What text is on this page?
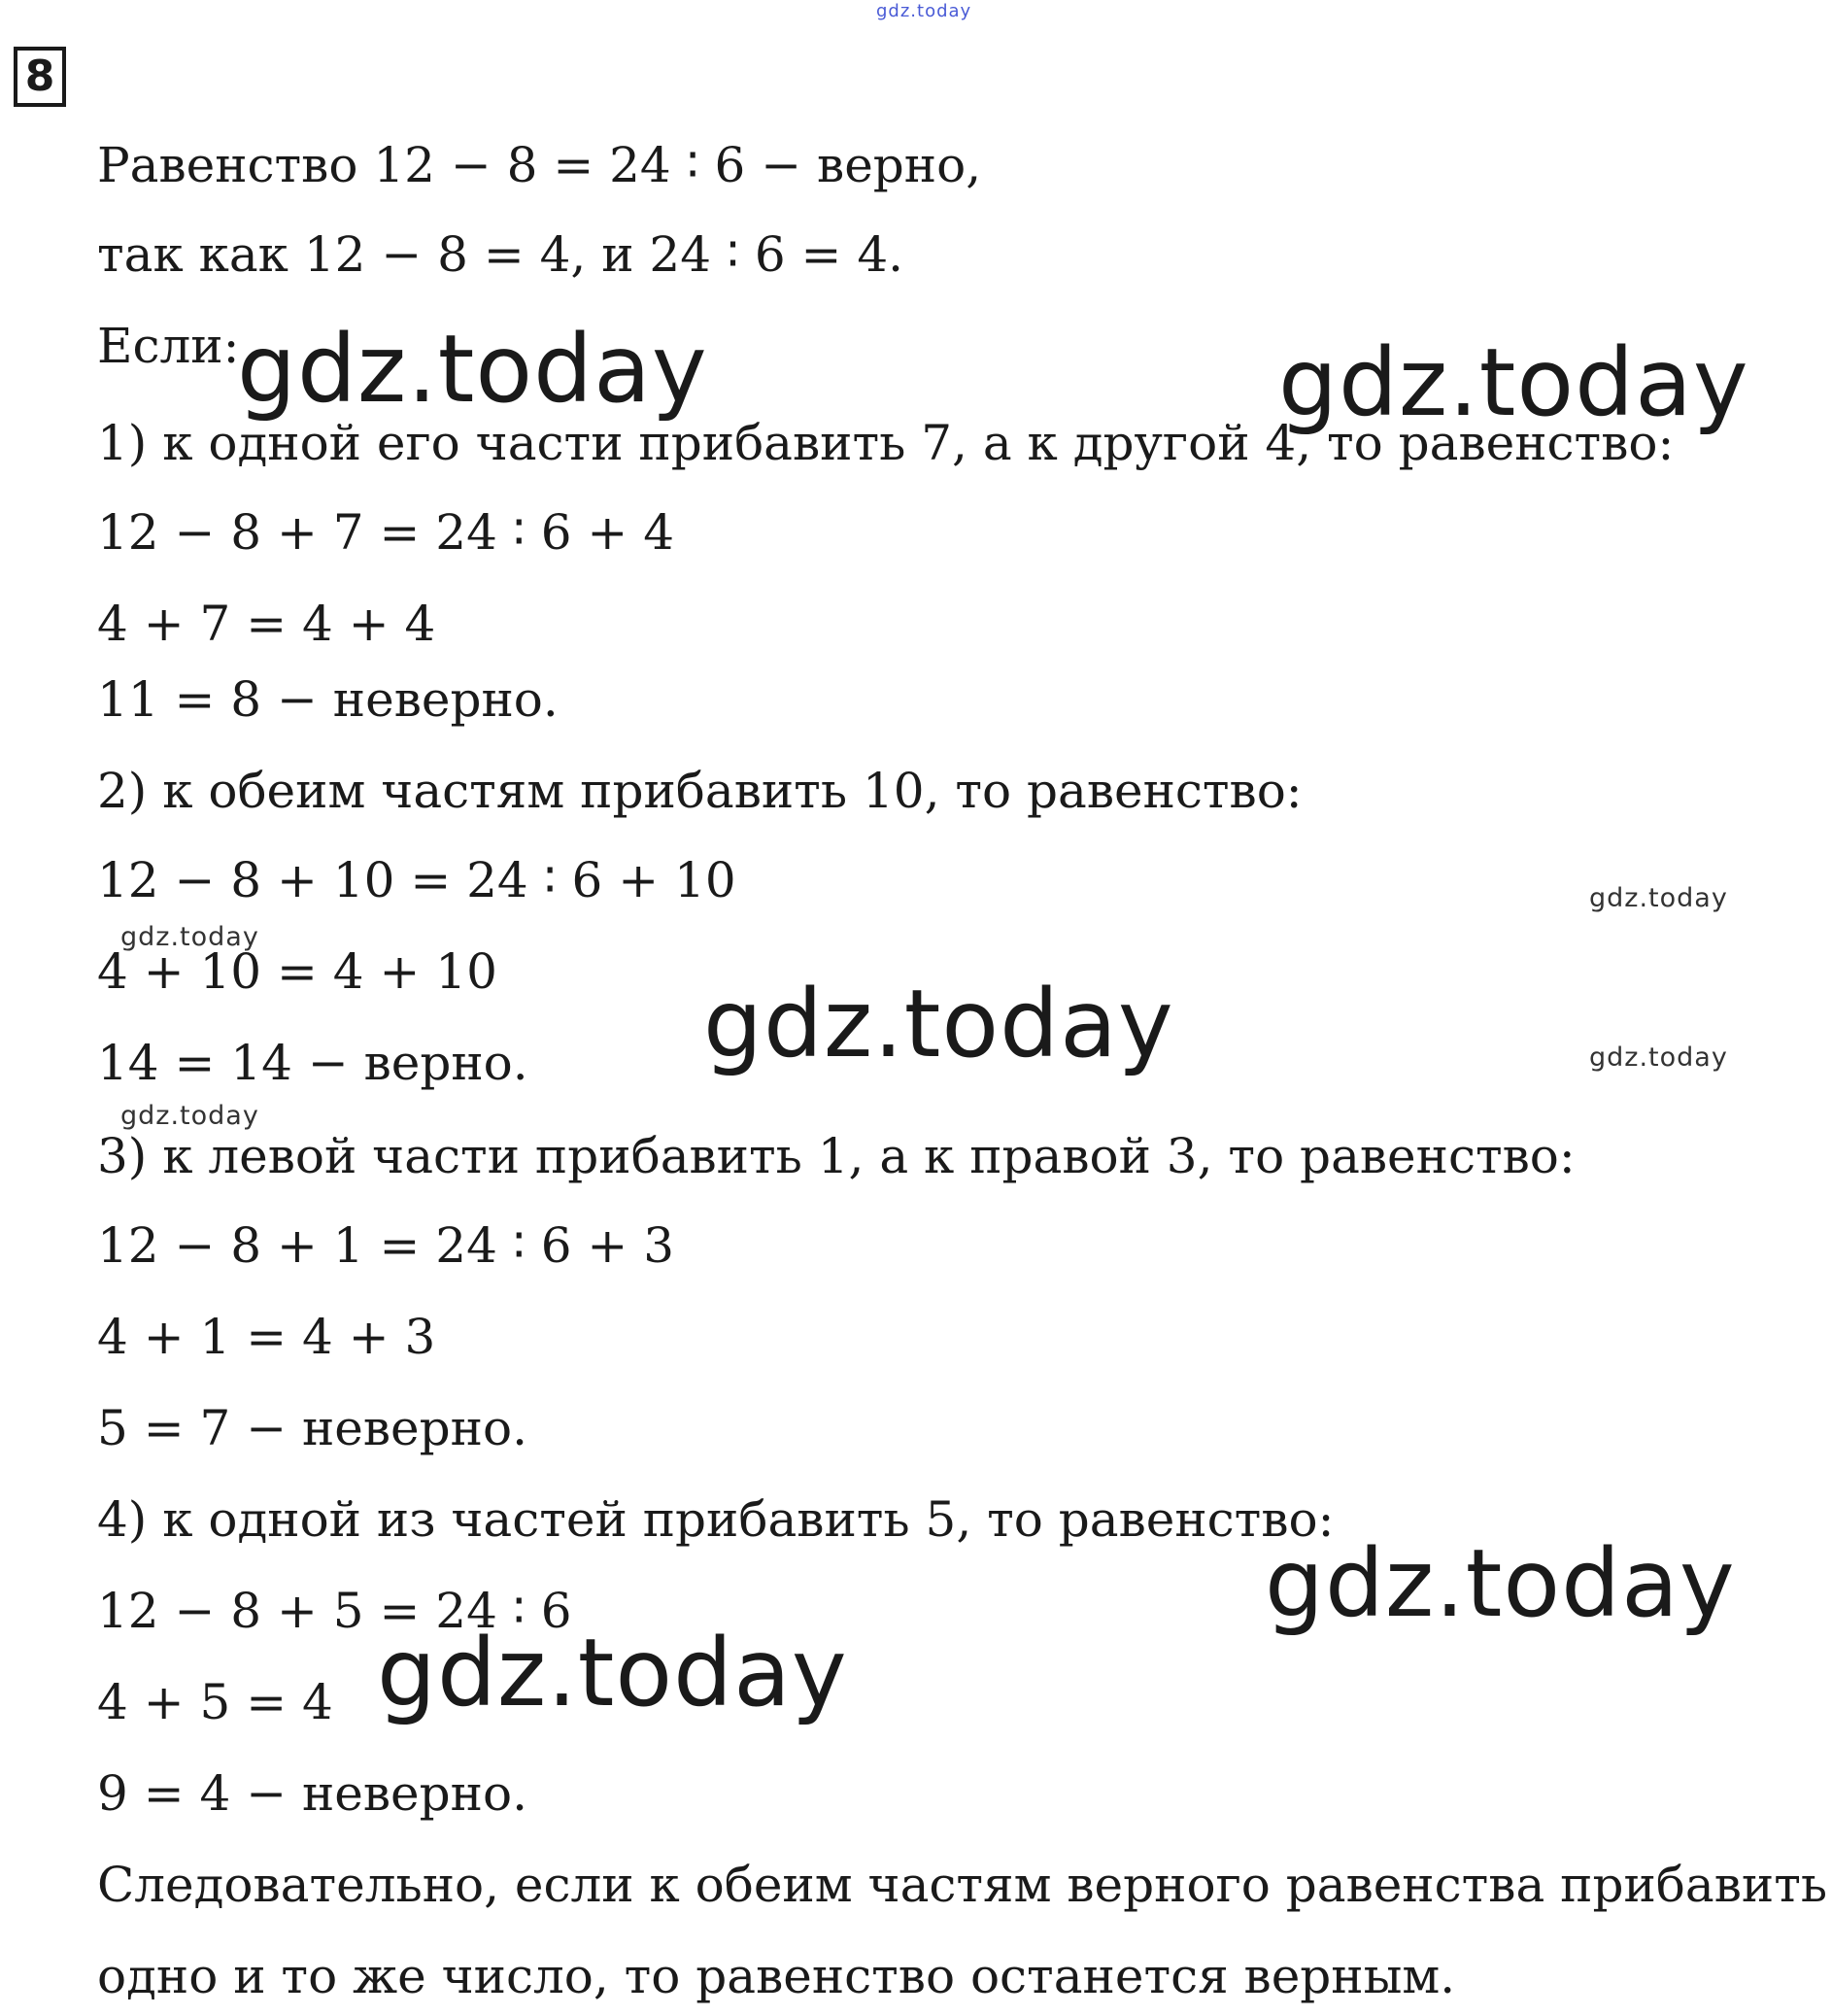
gdz.today
8
Равенство 12 − 8 = 24 ∶ 6 − верно,
так как 12 − 8 = 4, и 24 ∶ 6 = 4.
Если:
1) к одной его части прибавить 7, а к другой 4, то равенство:
12 − 8 + 7 = 24 ∶ 6 + 4
4 + 7 = 4 + 4
11 = 8 − неверно.
2) к обеим частям прибавить 10, то равенство:
12 − 8 + 10 = 24 ∶ 6 + 10
4 + 10 = 4 + 10
14 = 14 − верно.
3) к левой части прибавить 1, а к правой 3, то равенство:
12 − 8 + 1 = 24 ∶ 6 + 3
4 + 1 = 4 + 3
5 = 7 − неверно.
4) к одной из частей прибавить 5, то равенство:
12 − 8 + 5 = 24 ∶ 6
4 + 5 = 4
9 = 4 − неверно.
Следовательно, если к обеим частям верного равенства прибавить
одно и то же число, то равенство останется верным.
gdz.today	gdz.today
gdz.today
gdz.today
gdz.today	gdz.today
gdz.today
gdz.today
gdz.today
